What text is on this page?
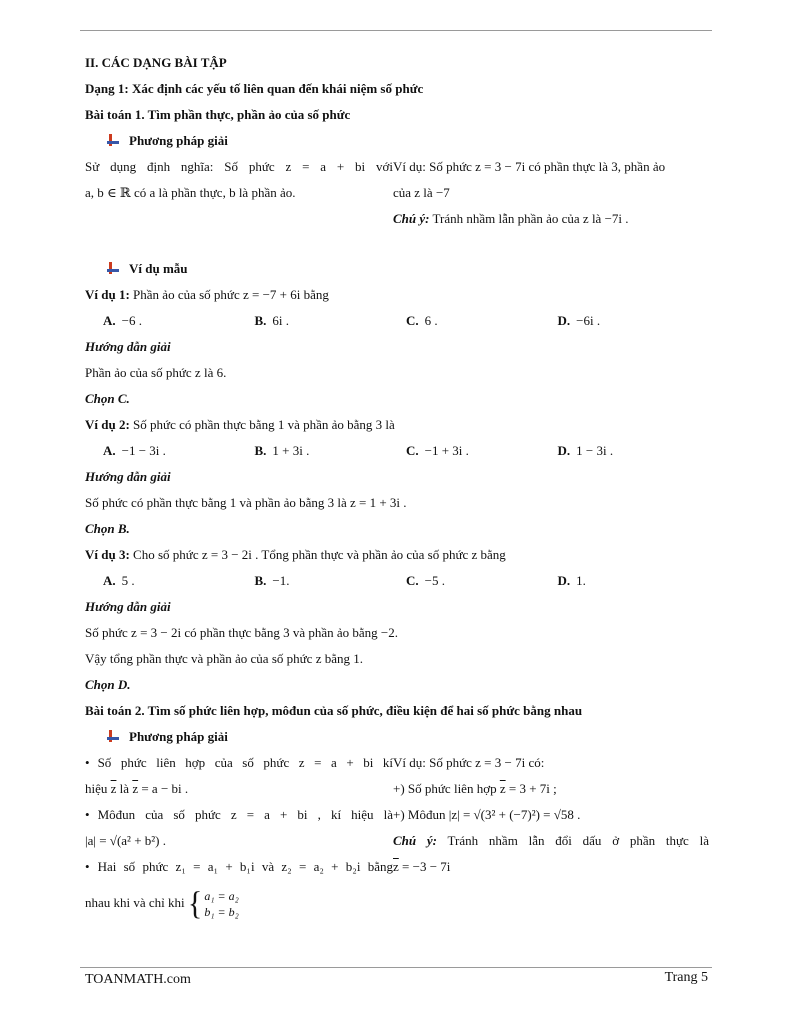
II. CÁC DẠNG BÀI TẬP
Dạng 1: Xác định các yếu tố liên quan đến khái niệm số phức
Bài toán 1. Tìm phần thực, phần ảo của số phức
Phương pháp giải
Sử dụng định nghĩa: Số phức z = a + bi với
a, b ∈ ℝ có a là phần thực, b là phần ảo.
Ví dụ: Số phức z = 3 − 7i có phần thực là 3, phần ảo
của z là −7
Chú ý: Tránh nhầm lẫn phần ảo của z là −7i .
Ví dụ mẫu
Ví dụ 1: Phần ảo của số phức z = −7 + 6i bằng
A. −6 .	B. 6i .	C. 6 .	D. −6i .
Hướng dẫn giải
Phần ảo của số phức z là 6.
Chọn C.
Ví dụ 2: Số phức có phần thực bằng 1 và phần ảo bằng 3 là
A. −1 − 3i .	B. 1 + 3i .	C. −1 + 3i .	D. 1 − 3i .
Hướng dẫn giải
Số phức có phần thực bằng 1 và phần ảo bằng 3 là z = 1 + 3i .
Chọn B.
Ví dụ 3: Cho số phức z = 3 − 2i . Tổng phần thực và phần ảo của số phức z bằng
A. 5 .	B. −1.	C. −5 .	D. 1.
Hướng dẫn giải
Số phức z = 3 − 2i có phần thực bằng 3 và phần ảo bằng −2.
Vậy tổng phần thực và phần ảo của số phức z bằng 1.
Chọn D.
Bài toán 2. Tìm số phức liên hợp, môđun của số phức, điều kiện để hai số phức bằng nhau
Phương pháp giải
• Số phức liên hợp của số phức z = a + bi kí
hiệu $\overline{z}$ là $\overline{z} = a$ − bi .
• Môđun của số phức z = a + bi , kí hiệu là
|a| = √(a² + b²) .
• Hai số phức z₁ = a₁ + b₁i và z₂ = a₂ + b₂i bằng
nhau khi và chỉ khi { a₁ = a₂
b₁ = b₂
Ví dụ: Số phức z = 3 − 7i có:
+) Số phức liên hợp $\overline{z} = 3 + 7i$ ;
+) Môđun |z| = √(3² + (−7)²) = √58 .
Chú ý: Tránh nhầm lẫn đổi dấu ở phần thực là
$\overline{z} = -3 - 7i$
TOANMATH.com	Trang 5
